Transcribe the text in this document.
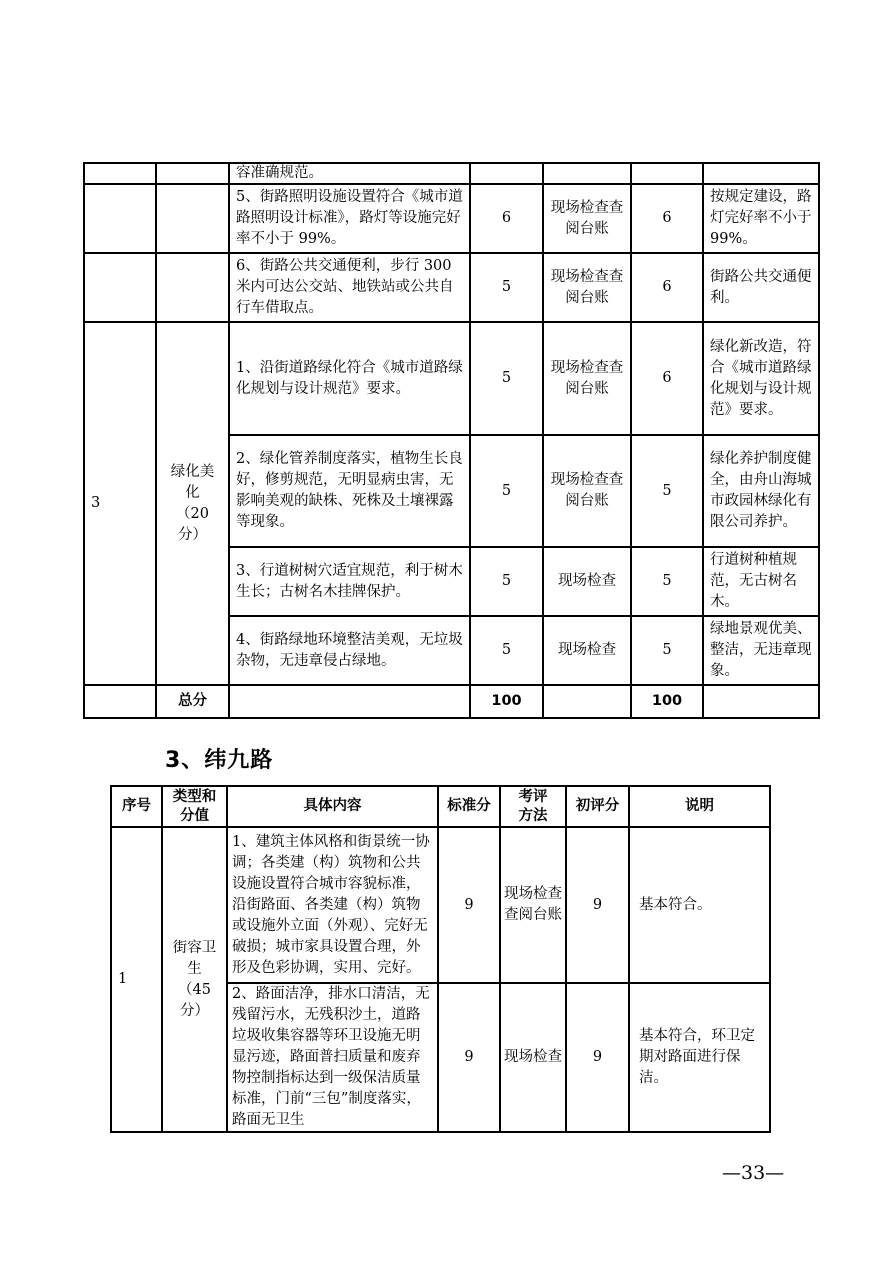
		容准确规范。				
		5、街路照明设施设置符合《城市道路照明设计标准》，路灯等设施完好率不小于 99%。	6	现场检查查阅台账	6	按规定建设，路灯完好率不小于 99%。
		6、街路公共交通便利，步行 300 米内可达公交站、地铁站或公共自行车借取点。	5	现场检查查阅台账	6	街路公共交通便利。
3	绿化美化（20分）	1、沿街道路绿化符合《城市道路绿化规划与设计规范》要求。	5	现场检查查阅台账	6	绿化新改造，符合《城市道路绿化规划与设计规范》要求。
		2、绿化管养制度落实，植物生长良好，修剪规范，无明显病虫害，无影响美观的缺株、死株及土壤裸露等现象。	5	现场检查查阅台账	5	绿化养护制度健全，由舟山海城市政园林绿化有限公司养护。
		3、行道树树穴适宜规范，利于树木生长；古树名木挂牌保护。	5	现场检查	5	行道树种植规范，无古树名木。
		4、街路绿地环境整洁美观，无垃圾杂物，无违章侵占绿地。	5	现场检查	5	绿地景观优美、整洁，无违章现象。
	总分		100		100	
3、纬九路
序号	类型和分值	具体内容	标准分	考评方法	初评分	说明
1	街容卫生（45分）	1、建筑主体风格和街景统一协调；各类建（构）筑物和公共设施设置符合城市容貌标准，沿街路面、各类建（构）筑物或设施外立面（外观）、完好无破损；城市家具设置合理，外形及色彩协调，实用、完好。	9	现场检查查阅台账	9	基本符合。
		2、路面洁净，排水口清洁，无残留污水，无残积沙土，道路垃圾收集容器等环卫设施无明显污迹，路面普扫质量和废弃物控制指标达到一级保洁质量标准，门前“三包”制度落实，路面无卫生	9	现场检查	9	基本符合，环卫定期对路面进行保洁。
—33—
